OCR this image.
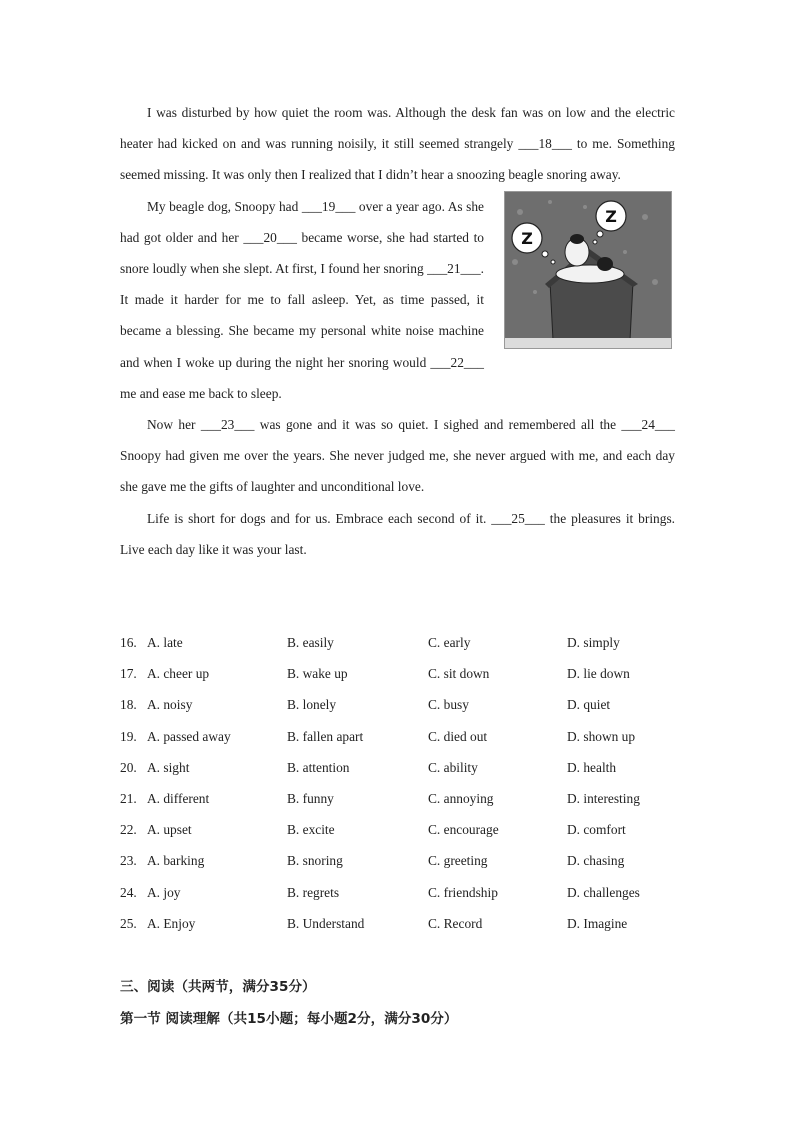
I was disturbed by how quiet the room was. Although the desk fan was on low and the electric heater had kicked on and was running noisily, it still seemed strangely ___18___ to me. Something seemed missing. It was only then I realized that I didn’t hear a snoozing beagle snoring away.

My beagle dog, Snoopy had ___19___ over a year ago. As she had got older and her ___20___ became worse, she had started to snore loudly when she slept. At first, I found her snoring ___21___. It made it harder for me to fall asleep. Yet, as time passed, it became a blessing. She became my personal white noise machine and when I woke up during the night her snoring would ___22___ me and ease me back to sleep.

Z
Z

Now her ___23___ was gone and it was so quiet. I sighed and remembered all the ___24___ Snoopy had given me over the years. She never judged me, she never argued with me, and each day she gave me the gifts of laughter and unconditional love.

Life is short for dogs and for us. Embrace each second of it. ___25___ the pleasures it brings. Live each day like it was your last.

16. A. late	B. easily	C. early	D. simply
17. A. cheer up	B. wake up	C. sit down	D. lie down
18. A. noisy	B. lonely	C. busy	D. quiet
19. A. passed away	B. fallen apart	C. died out	D. shown up
20. A. sight	B. attention	C. ability	D. health
21. A. different	B. funny	C. annoying	D. interesting
22. A. upset	B. excite	C. encourage	D. comfort
23. A. barking	B. snoring	C. greeting	D. chasing
24. A. joy	B. regrets	C. friendship	D. challenges
25. A. Enjoy	B. Understand	C. Record	D. Imagine
三、阅读（共两节，满分35分）
第一节 阅读理解（共15小题；每小题2分，满分30分）
